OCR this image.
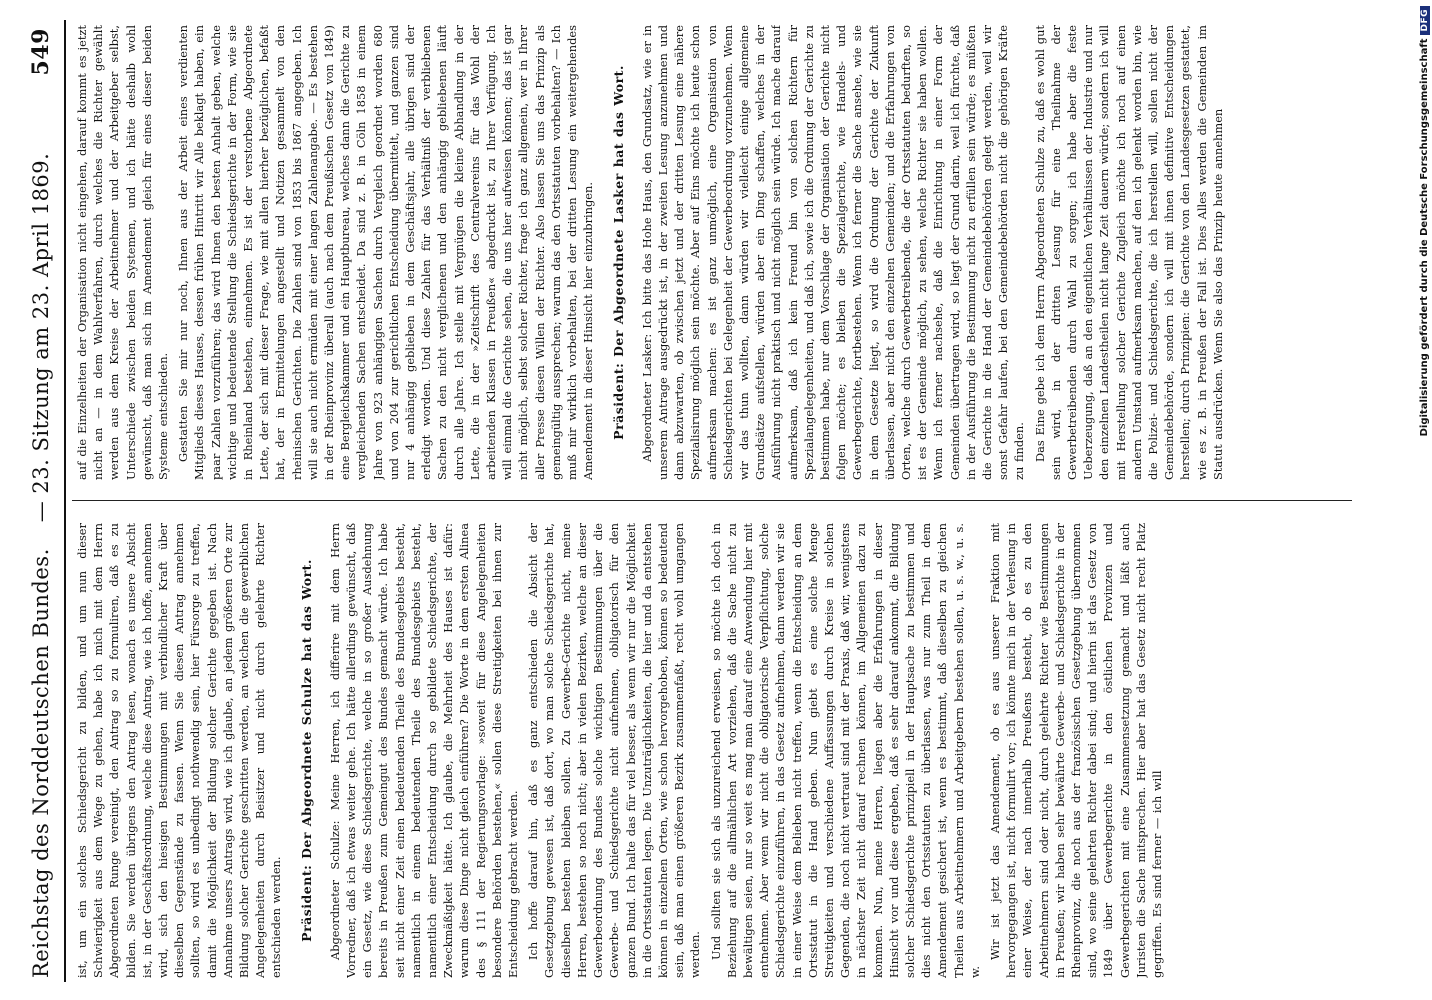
Reichstag des Norddeutschen Bundes.
— 23. Sitzung am 23. April 1869.
549

ist, um ein solches Schiedsgericht zu bilden, und um nun dieser Schwierigkeit aus dem Wege zu gehen, habe ich mich mit dem Herrn Abgeordneten Runge vereinigt, den Antrag so zu formuliren, daß es zu bilden. Sie werden übrigens den Antrag lesen, wonach es unsere Absicht ist, in der Geschäftsordnung, welche diese Antrag, wie ich hoffe, annehmen wird, sich den hiesigen Bestimmungen mit verbindlicher Kraft über dieselben Gegenstände zu fassen. Wenn Sie diesen Antrag annehmen sollten, so wird es unbedingt nothwendig sein, hier Fürsorge zu treffen, damit die Möglichkeit der Bildung solcher Gerichte gegeben ist. Nach Annahme unsers Antrags wird, wie ich glaube, an jedem größeren Orte zur Bildung solcher Gerichte geschritten werden, an welchen die gewerblichen Angelegenheiten durch Beisitzer und nicht durch gelehrte Richter entschieden werden. Präsident: Der Abgeordnete Schulze hat das Wort. Abgeordneter Schulze: Meine Herren, ich differire mit dem Herrn Vorredner, daß ich etwas weiter gehe. Ich hätte allerdings gewünscht, daß ein Gesetz, wie diese Schiedsgerichte, welche in so großer Ausdehnung bereits in Preußen zum Gemeingut des Bundes gemacht würde. Ich habe seit nicht einer Zeit einen bedeutenden Theile des Bundesgebiets besteht, namentlich in einem bedeutenden Theile des Bundesgebiets besteht, namentlich einer Entscheidung durch so gebildete Schiedsgerichte, der Zweckmäßigkeit hätte. Ich glaube, die Mehrheit des Hauses ist dafür: warum diese Dinge nicht gleich einführen? Die Worte in dem ersten Alinea des § 111 der Regierungsvorlage: »soweit für diese Angelegenheiten besondere Behörden bestehen,« sollen diese Streitigkeiten bei ihnen zur Entscheidung gebracht werden. Ich hoffe darauf hin, daß es ganz entschieden die Absicht der Gesetzgebung gewesen ist, daß dort, wo man solche Schiedsgerichte hat, dieselben bestehen bleiben sollen. Zu Gewerbe-Gerichte nicht, meine Herren, bestehen so noch nicht; aber in vielen Bezirken, welche an dieser Gewerbeordnung des Bundes solche wichtigen Bestimmungen über die Gewerbe- und Schiedsgerichte nicht aufnehmen, obligatorisch für den ganzen Bund. Ich halte das für viel besser, als wenn wir nur die Möglichkeit in die Ortsstatuten legen. Die Unzuträglichkeiten, die hier und da entstehen können in einzelnen Orten, wie schon hervorgehoben, können so bedeutend sein, daß man einen größeren Bezirk zusammenfaßt, recht wohl umgangen werden. Und sollten sie sich als unzureichend erweisen, so möchte ich doch in Beziehung auf die allmählichen Art vorziehen, daß die Sache nicht zu bewältigen seien, nur so weit es mag man darauf eine Anwendung hier mit entnehmen. Aber wenn wir nicht die obligatorische Verpflichtung, solche Schiedsgerichte einzuführen, in das Gesetz aufnehmen, dann werden wir sie in einer Weise dem Belieben nicht treffen, wenn die Entscheidung an dem Ortsstatut in die Hand geben. Nun giebt es eine solche Menge Streitigkeiten und verschiedene Auffassungen durch Kreise in solchen Gegenden, die noch nicht vertraut sind mit der Praxis, daß wir, wenigstens in nächster Zeit nicht darauf rechnen können, im Allgemeinen dazu zu kommen. Nun, meine Herren, liegen aber die Erfahrungen in dieser Hinsicht vor und diese ergeben, daß es sehr darauf ankommt, die Bildung solcher Schiedsgerichte prinzipiell in der Hauptsache zu bestimmen und dies nicht den Ortsstatuten zu überlassen, was nur zum Theil in dem Amendement gesichert ist, wenn es bestimmt, daß dieselben zu gleichen Theilen aus Arbeitnehmern und Arbeitgebern bestehen sollen, u. s. w., u. s. w.

Wir ist jetzt das Amendement, ob es aus unserer Fraktion mit hervorgegangen ist, nicht formulirt vor; ich könnte mich in der Verlesung in einer Weise, der nach innerhalb Preußens besteht, ob es zu den Arbeitnehmern sind oder nicht, durch gelehrte Richter wie Bestimmungen in Preußen; wir haben sehr bewährte Gewerbe- und Schiedsgerichte in der Rheinprovinz, die noch aus der französischen Gesetzgebung übernommen sind, wo seine gelehrten Richter dabei sind; und hierin ist das Gesetz von 1849 über Gewerbegerichte in den östlichen Provinzen und Gewerbegerichten mit eine Zusammensetzung gemacht und läßt auch Juristen die Sache mitsprechen. Hier aber hat das Gesetz nicht recht Platz gegriffen. Es sind ferner — ich will

auf die Einzelheiten der Organisation nicht eingehen, darauf kommt es jetzt nicht an — in dem Wahlverfahren, durch welches die Richter gewählt werden aus dem Kreise der Arbeitnehmer und der Arbeitgeber selbst, Unterschiede zwischen beiden Systemen, und ich hätte deshalb wohl gewünscht, daß man sich im Amendement gleich für eines dieser beiden Systeme entschieden. Gestatten Sie mir nur noch, Ihnen aus der Arbeit eines verdienten Mitglieds dieses Hauses, dessen frühen Hintritt wir Alle beklagt haben, ein paar Zahlen vorzuführen; das wird Ihnen den besten Anhalt geben, welche wichtige und bedeutende Stellung die Schiedsgerichte in der Form, wie sie in Rheinland bestehen, einnehmen. Es ist der verstorbene Abgeordnete Lette, der sich mit dieser Frage, wie mit allen hierher bezüglichen, befaßt hat, der in Ermittelungen angestellt und Notizen gesammelt von den rheinischen Gerichten. Die Zahlen sind von 1853 bis 1867 angegeben. Ich will sie auch nicht ermüden mit einer langen Zahlenangabe. — Es bestehen in der Rheinprovinz überall (auch nach dem Preußischen Gesetz von 1849) eine Bergleichskammer und ein Hauptbureau, welches dann die Gerichte zu vergleichenden Sachen entscheidet. Da sind z. B. in Cöln 1858 in einem Jahre von 923 anhängigen Sachen durch Vergleich geordnet worden 680 und von 204 zur gerichtlichen Entscheidung übermittelt, und ganzen sind nur 4 anhängig geblieben in dem Geschäftsjahr, alle übrigen sind der erledigt worden. Und diese Zahlen für das Verhältniß der verbliebenen Sachen zu den nicht verglichenen und den anhängig gebliebenen läuft durch alle Jahre. Ich stelle mit Vergnügen die kleine Abhandlung in der Lette, die in der »Zeitschrift des Centralvereins für das Wohl der arbeitenden Klassen in Preußen« abgedruckt ist, zu Ihrer Verfügung. Ich will einmal die Gerichte sehen, die uns hier aufweisen können; das ist gar nicht möglich, selbst solcher Richter, frage ich ganz allgemein, wer in Ihrer aller Presse diesen Willen der Richter. Also lassen Sie uns das Prinzip als gemeingültig aussprechen; warum das den Ortsstatuten vorbehalten? — Ich muß mir wirklich vorbehalten, bei der dritten Lesung ein weitergehendes Amendement in dieser Hinsicht hier einzubringen. Präsident: Der Abgeordnete Lasker hat das Wort. Abgeordneter Lasker: Ich bitte das Hohe Haus, den Grundsatz, wie er in unserem Antrage ausgedrückt ist, in der zweiten Lesung anzunehmen und dann abzuwarten, ob zwischen jetzt und der dritten Lesung eine nähere Spezialisirung möglich sein möchte. Aber auf Eins möchte ich heute schon aufmerksam machen: es ist ganz unmöglich, eine Organisation von Schiedsgerichten bei Gelegenheit der Gewerbeordnung vorzunehmen. Wenn wir das thun wollten, dann würden wir vielleicht einige allgemeine Grundsätze aufstellen, würden aber ein Ding schaffen, welches in der Ausführung nicht praktisch und nicht möglich sein würde. Ich mache darauf aufmerksam, daß ich kein Freund bin von solchen Richtern für Spezialangelegenheiten, und daß ich, sowie ich die Ordnung der Gerichte zu bestimmen habe, nur dem Vorschlage der Organisation der Gerichte nicht folgen möchte; es bleiben die Spezialgerichte, wie Handels- und Gewerbegerichte, fortbestehen. Wenn ich ferner die Sache ansehe, wie sie in dem Gesetze liegt, so wird die Ordnung der Gerichte der Zukunft überlassen, aber nicht den einzelnen Gemeinden; und die Erfahrungen von Orten, welche durch Gewerbetreibende, die der Ortsstatuten bedurften, so ist es der Gemeinde möglich, zu sehen, welche Richter sie haben wollen. Wenn ich ferner nachsehe, daß die Einrichtung in einer Form der Gemeinden übertragen wird, so liegt der Grund darin, weil ich fürchte, daß in der Ausführung die Bestimmung nicht zu erfüllen sein würde; es müßten die Gerichte in die Hand der Gemeindebehörden gelegt werden, weil wir sonst Gefahr laufen, bei den Gemeindebehörden nicht die gehörigen Kräfte zu finden. Das Eine gebe ich dem Herrn Abgeordneten Schulze zu, daß es wohl gut sein wird, in der dritten Lesung für eine Theilnahme der Gewerbetreibenden durch Wahl zu sorgen; ich habe aber die feste Ueberzeugung, daß an den eigentlichen Verhältnissen der Industrie und nur den einzelnen Landestheilen nicht lange Zeit dauern würde; sondern ich will mit Herstellung solcher Gerichte Zugleich möchte ich noch auf einen andern Umstand aufmerksam machen, auf den ich gelenkt worden bin, wie die Polizei- und Schiedsgerichte, die ich herstellen will, sollen nicht der Gemeindebehörde, sondern ich will mit ihnen definitive Entscheidungen herstellen; durch Prinzipien: die Gerichte von den Landesgesetzen gestattet, wie es z. B. in Preußen der Fall ist. Dies Alles werden die Gemeinden im Statut ausdrücken. Wenn Sie also das Prinzip heute annehmen	Digitalisierung gefördert durch die Deutsche ForschungsgemeinschaftDFG
